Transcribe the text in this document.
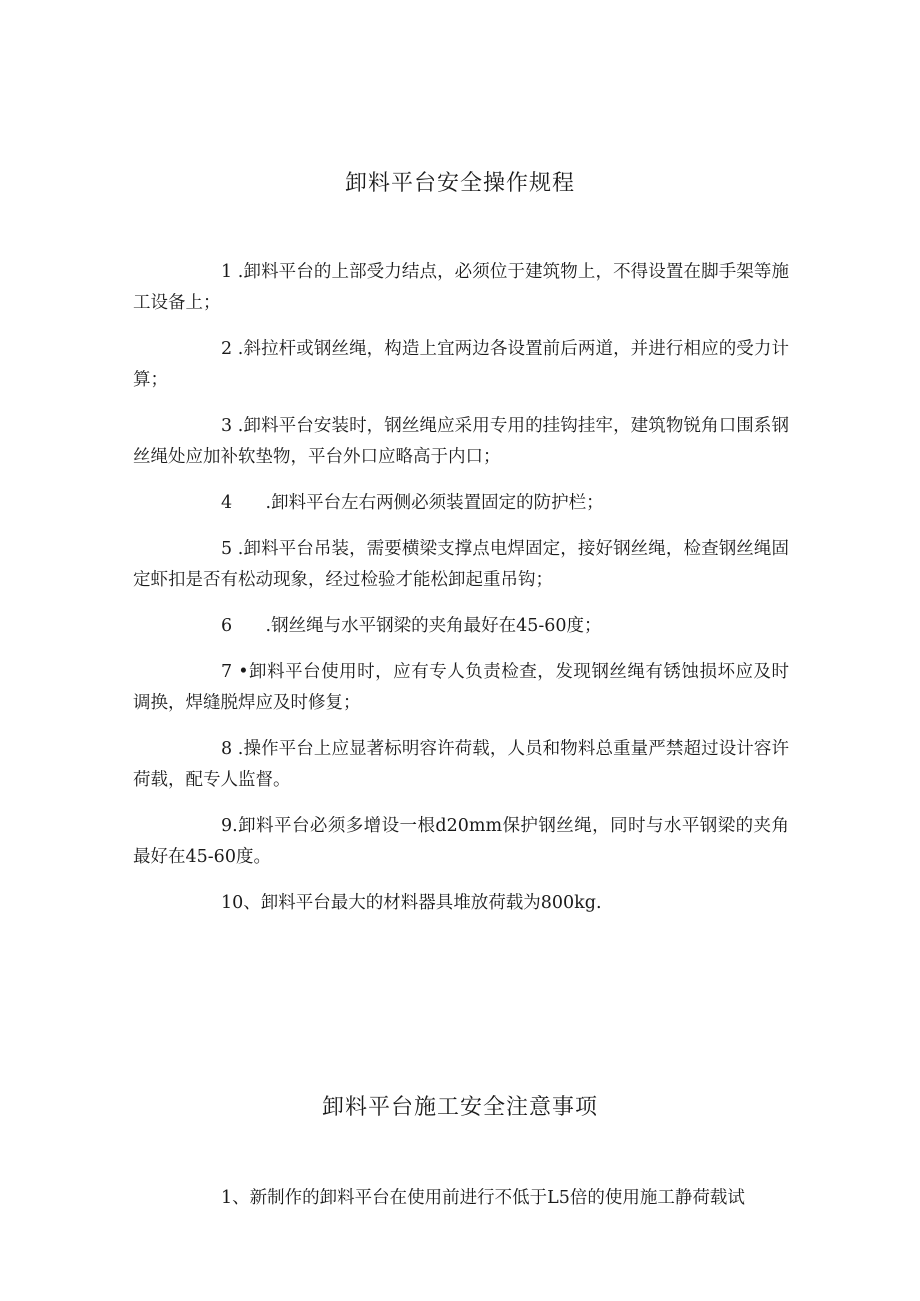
卸料平台安全操作规程

1 .卸料平台的上部受力结点，必须位于建筑物上，不得设置在脚手架等施工设备上；

2 .斜拉杆或钢丝绳，构造上宜两边各设置前后两道，并进行相应的受力计算；

3 .卸料平台安装时，钢丝绳应采用专用的挂钩挂牢，建筑物锐角口围系钢丝绳处应加补软垫物，平台外口应略高于内口；

4      .卸料平台左右两侧必须装置固定的防护栏；

5 .卸料平台吊装，需要横梁支撑点电焊固定，接好钢丝绳，检查钢丝绳固定虾扣是否有松动现象，经过检验才能松卸起重吊钩；

6      .钢丝绳与水平钢梁的夹角最好在45-60度；

7 •卸料平台使用时，应有专人负责检查，发现钢丝绳有锈蚀损坏应及时调换，焊缝脱焊应及时修复；

8 .操作平台上应显著标明容许荷载，人员和物料总重量严禁超过设计容许荷载，配专人监督。

9.卸料平台必须多增设一根d20mm保护钢丝绳，同时与水平钢梁的夹角最好在45-60度。

10、卸料平台最大的材料器具堆放荷载为800kg.

卸料平台施工安全注意事项

1、新制作的卸料平台在使用前进行不低于L5倍的使用施工静荷载试
